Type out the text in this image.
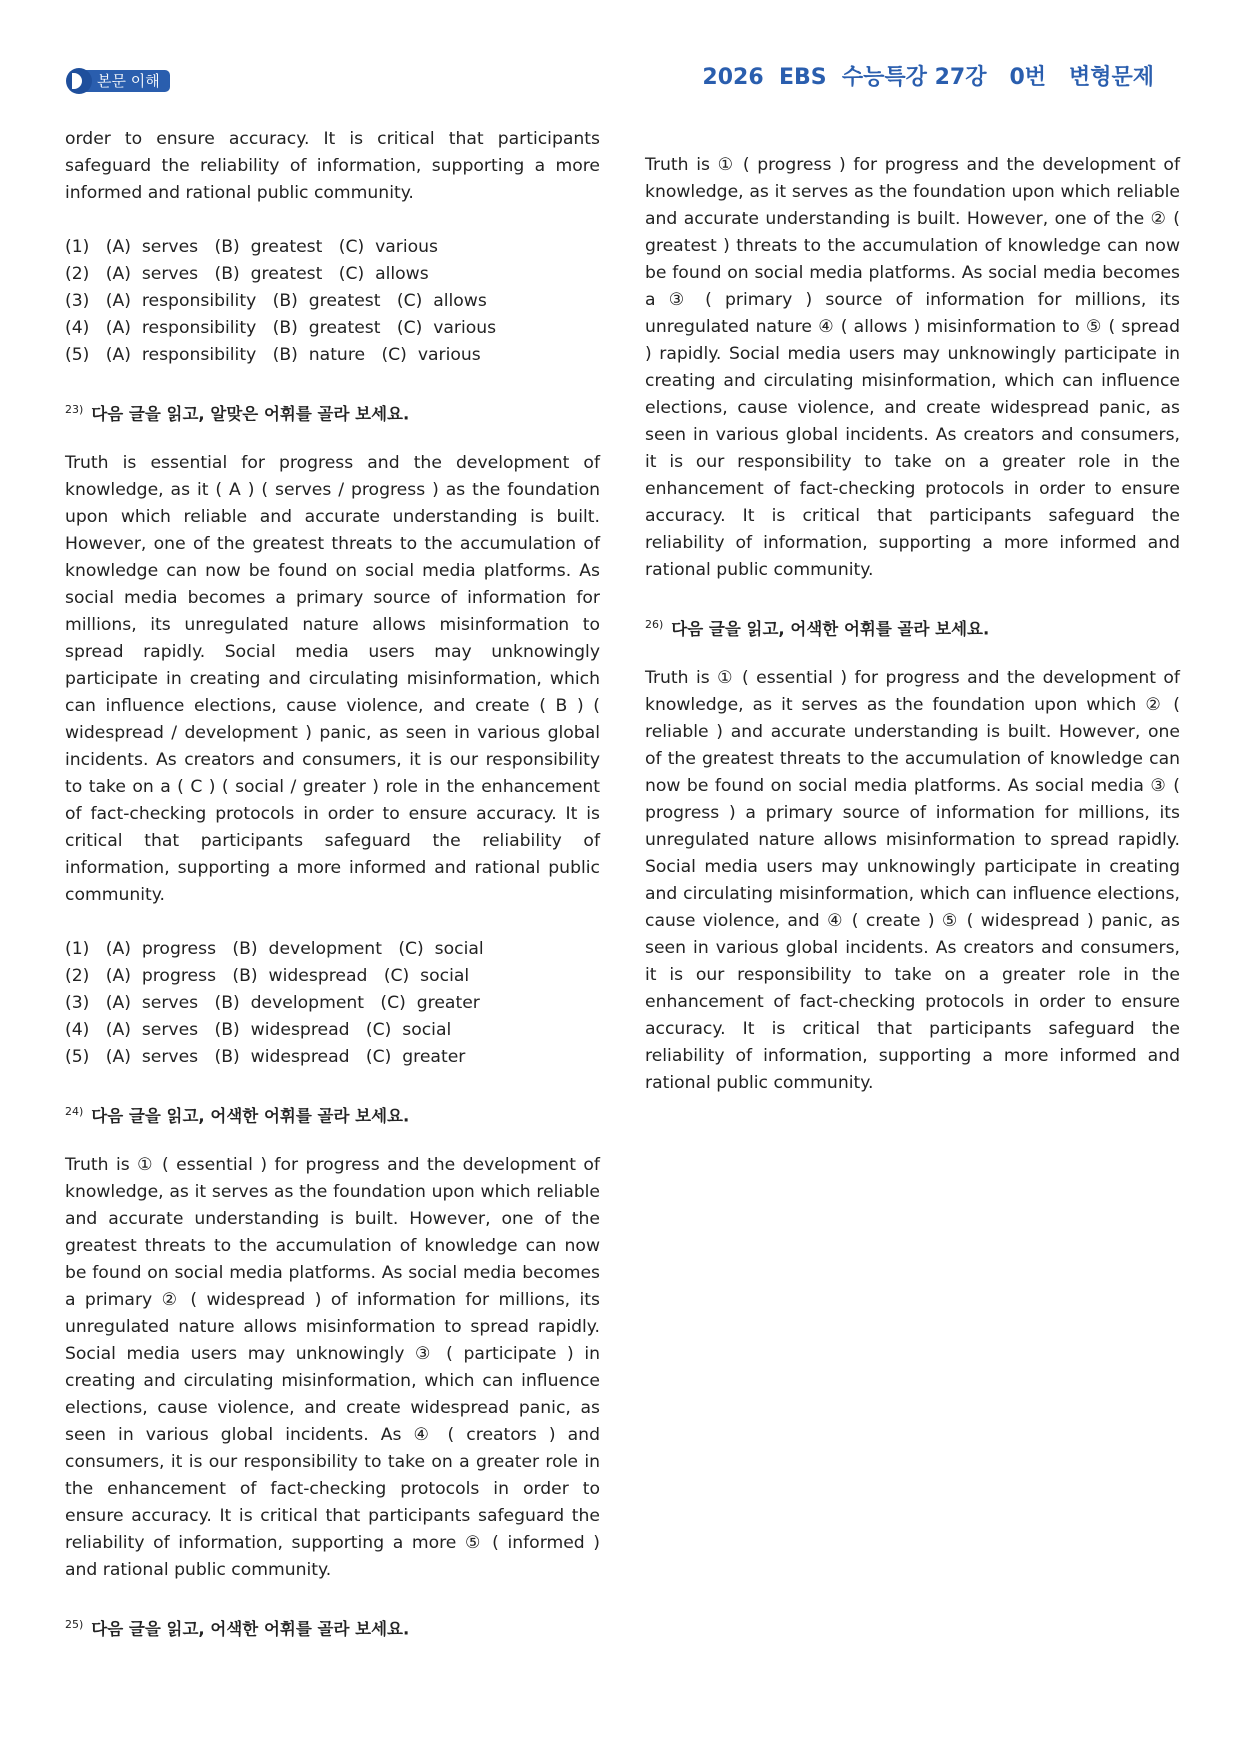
본문 이해	2026  EBS  수능특강 27강   0번   변형문제

order to ensure accuracy. It is critical that participants safeguard the reliability of information, supporting a more informed and rational public community.

(1)   (A)  serves   (B)  greatest   (C)  various
(2)   (A)  serves   (B)  greatest   (C)  allows
(3)   (A)  responsibility   (B)  greatest   (C)  allows
(4)   (A)  responsibility   (B)  greatest   (C)  various
(5)   (A)  responsibility   (B)  nature   (C)  various
$^{23)}$ 다음 글을 읽고, 알맞은 어휘를 골라 보세요.

Truth is essential for progress and the development of knowledge, as it ( A ) ( serves / progress ) as the foundation upon which reliable and accurate understanding is built. However, one of the greatest threats to the accumulation of knowledge can now be found on social media platforms. As social media becomes a primary source of information for millions, its unregulated nature allows misinformation to spread rapidly. Social media users may unknowingly participate in creating and circulating misinformation, which can influence elections, cause violence, and create ( B ) ( widespread / development ) panic, as seen in various global incidents. As creators and consumers, it is our responsibility to take on a ( C ) ( social / greater ) role in the enhancement of fact-checking protocols in order to ensure accuracy. It is critical that participants safeguard the reliability of information, supporting a more informed and rational public community.

(1)   (A)  progress   (B)  development   (C)  social
(2)   (A)  progress   (B)  widespread   (C)  social
(3)   (A)  serves   (B)  development   (C)  greater
(4)   (A)  serves   (B)  widespread   (C)  social
(5)   (A)  serves   (B)  widespread   (C)  greater
$^{24)}$ 다음 글을 읽고, 어색한 어휘를 골라 보세요.

Truth is ① ( essential ) for progress and the development of knowledge, as it serves as the foundation upon which reliable and accurate understanding is built. However, one of the greatest threats to the accumulation of knowledge can now be found on social media platforms. As social media becomes a primary ② ( widespread ) of information for millions, its unregulated nature allows misinformation to spread rapidly. Social media users may unknowingly ③ ( participate ) in creating and circulating misinformation, which can influence elections, cause violence, and create widespread panic, as seen in various global incidents. As ④ ( creators ) and consumers, it is our responsibility to take on a greater role in the enhancement of fact-checking protocols in order to ensure accuracy. It is critical that participants safeguard the reliability of information, supporting a more ⑤ ( informed ) and rational public community.

$^{25)}$ 다음 글을 읽고, 어색한 어휘를 골라 보세요.

Truth is ① ( progress ) for progress and the development of knowledge, as it serves as the foundation upon which reliable and accurate understanding is built. However, one of the ② ( greatest ) threats to the accumulation of knowledge can now be found on social media platforms. As social media becomes a ③ ( primary ) source of information for millions, its unregulated nature ④ ( allows ) misinformation to ⑤ ( spread ) rapidly. Social media users may unknowingly participate in creating and circulating misinformation, which can influence elections, cause violence, and create widespread panic, as seen in various global incidents. As creators and consumers, it is our responsibility to take on a greater role in the enhancement of fact-checking protocols in order to ensure accuracy. It is critical that participants safeguard the reliability of information, supporting a more informed and rational public community.

$^{26)}$ 다음 글을 읽고, 어색한 어휘를 골라 보세요.

Truth is ① ( essential ) for progress and the development of knowledge, as it serves as the foundation upon which ② ( reliable ) and accurate understanding is built. However, one of the greatest threats to the accumulation of knowledge can now be found on social media platforms. As social media ③ ( progress ) a primary source of information for millions, its unregulated nature allows misinformation to spread rapidly. Social media users may unknowingly participate in creating and circulating misinformation, which can influence elections, cause violence, and ④ ( create ) ⑤ ( widespread ) panic, as seen in various global incidents. As creators and consumers, it is our responsibility to take on a greater role in the enhancement of fact-checking protocols in order to ensure accuracy. It is critical that participants safeguard the reliability of information, supporting a more informed and rational public community.
